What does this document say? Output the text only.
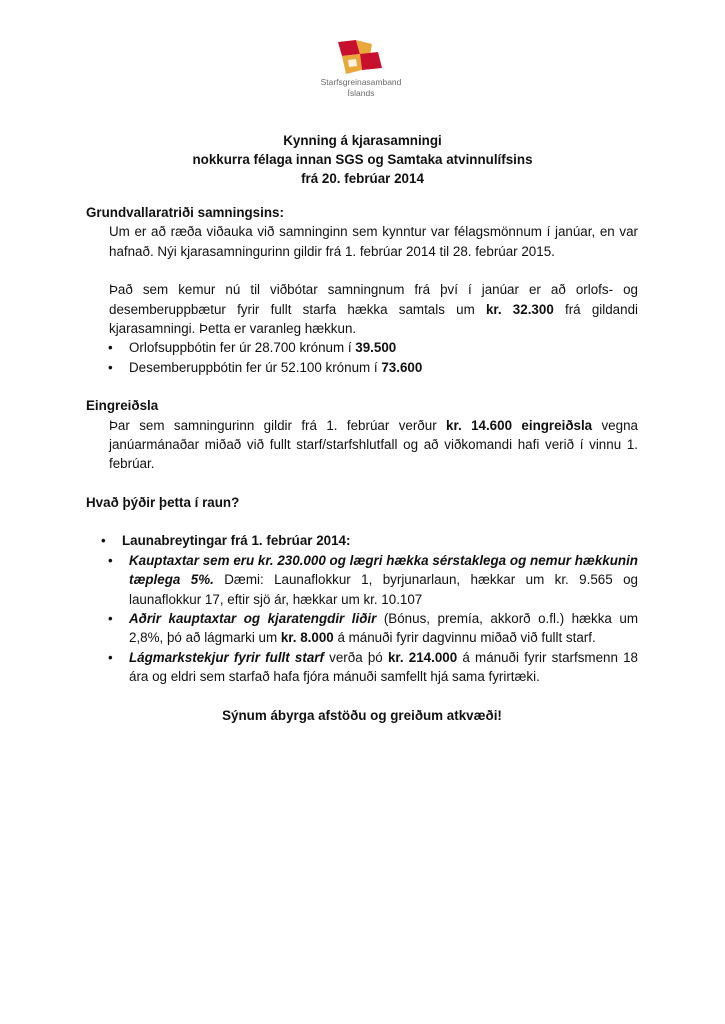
Starfsgreinasamband
Íslands
Kynning á kjarasamningi
nokkurra félaga innan SGS og Samtaka atvinnulífsins
frá 20. febrúar 2014
Grundvallaratriði samningsins:
Um er að ræða viðauka við samninginn sem kynntur var félagsmönnum í janúar, en var hafnað. Nýi kjarasamningurinn gildir frá 1. febrúar 2014 til 28. febrúar 2015.
Það sem kemur nú til viðbótar samningnum frá því í janúar er að orlofs- og desemberuppbætur fyrir fullt starfa hækka samtals um kr. 32.300 frá gildandi kjarasamningi. Þetta er varanleg hækkun.
• Orlofsuppbótin fer úr 28.700 krónum í 39.500
• Desemberuppbótin fer úr 52.100 krónum í 73.600
Eingreiðsla
Þar sem samningurinn gildir frá 1. febrúar verður kr. 14.600 eingreiðsla vegna janúarmánaðar miðað við fullt starf/starfshlutfall og að viðkomandi hafi verið í vinnu 1. febrúar.
Hvað þýðir þetta í raun?
• Launabreytingar frá 1. febrúar 2014:
• Kauptaxtar sem eru kr. 230.000 og lægri hækka sérstaklega og nemur hækkunin tæplega 5%. Dæmi: Launaflokkur 1, byrjunarlaun, hækkar um kr. 9.565 og launaflokkur 17, eftir sjö ár, hækkar um kr. 10.107
• Aðrir kauptaxtar og kjaratengdir liðir (Bónus, premía, akkorð o.fl.) hækka um 2,8%, þó að lágmarki um kr. 8.000 á mánuði fyrir dagvinnu miðað við fullt starf.
• Lágmarkstekjur fyrir fullt starf verða þó kr. 214.000 á mánuði fyrir starfsmenn 18 ára og eldri sem starfað hafa fjóra mánuði samfellt hjá sama fyrirtæki.
Sýnum ábyrga afstöðu og greiðum atkvæði!
